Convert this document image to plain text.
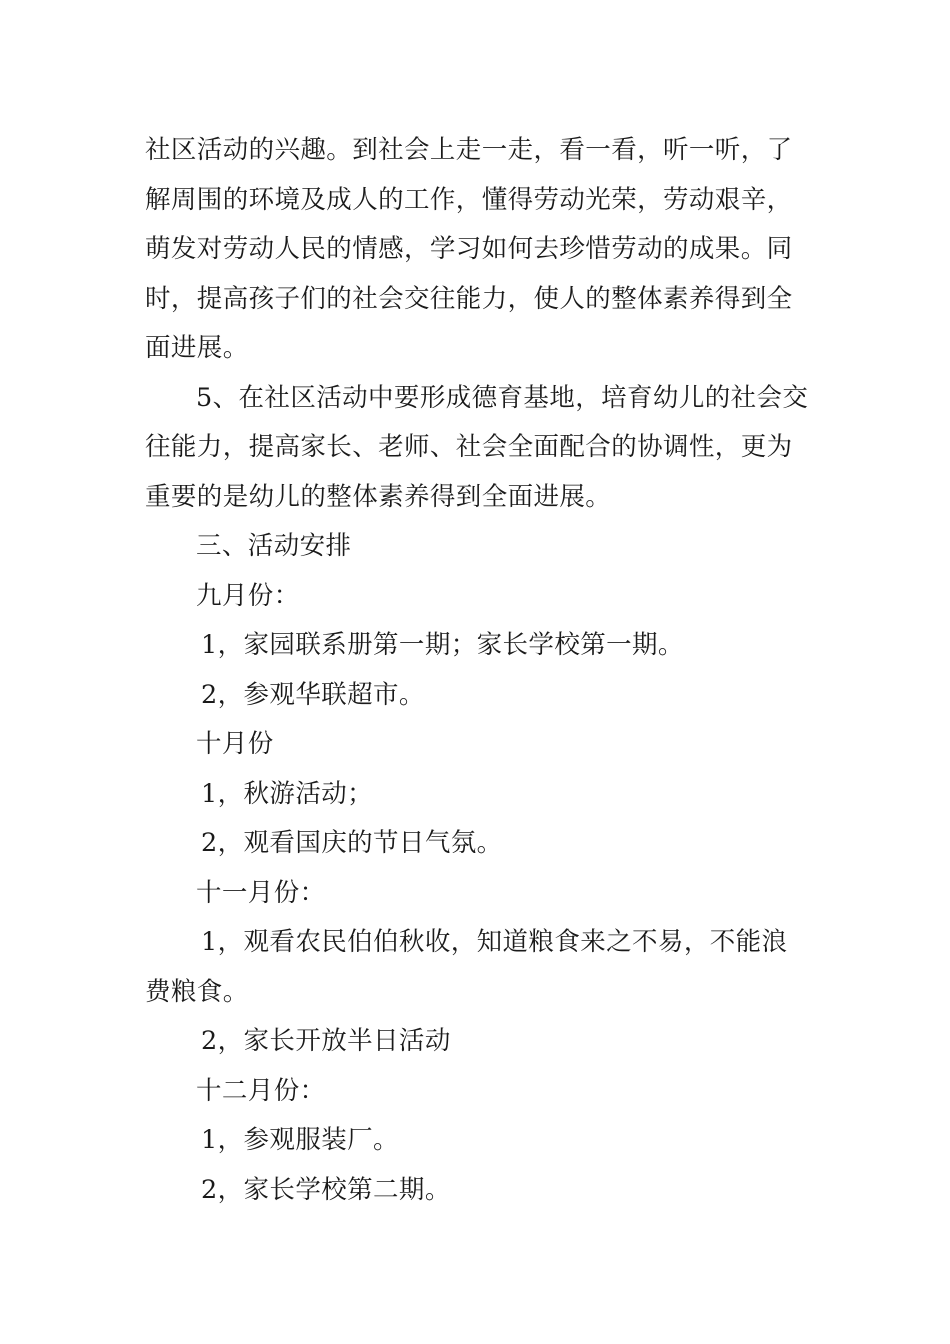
社区活动的兴趣。到社会上走一走，看一看，听一听，了

解周围的环境及成人的工作，懂得劳动光荣，劳动艰辛，

萌发对劳动人民的情感，学习如何去珍惜劳动的成果。同

时，提高孩子们的社会交往能力，使人的整体素养得到全

面进展。

5、在社区活动中要形成德育基地，培育幼儿的社会交

往能力，提高家长、老师、社会全面配合的协调性，更为

重要的是幼儿的整体素养得到全面进展。

三、活动安排

九月份：

1，家园联系册第一期；家长学校第一期。

2，参观华联超市。

十月份

1，秋游活动；

2，观看国庆的节日气氛。

十一月份：

1，观看农民伯伯秋收，知道粮食来之不易，不能浪

费粮食。

2，家长开放半日活动

十二月份：

1，参观服装厂。

2，家长学校第二期。
